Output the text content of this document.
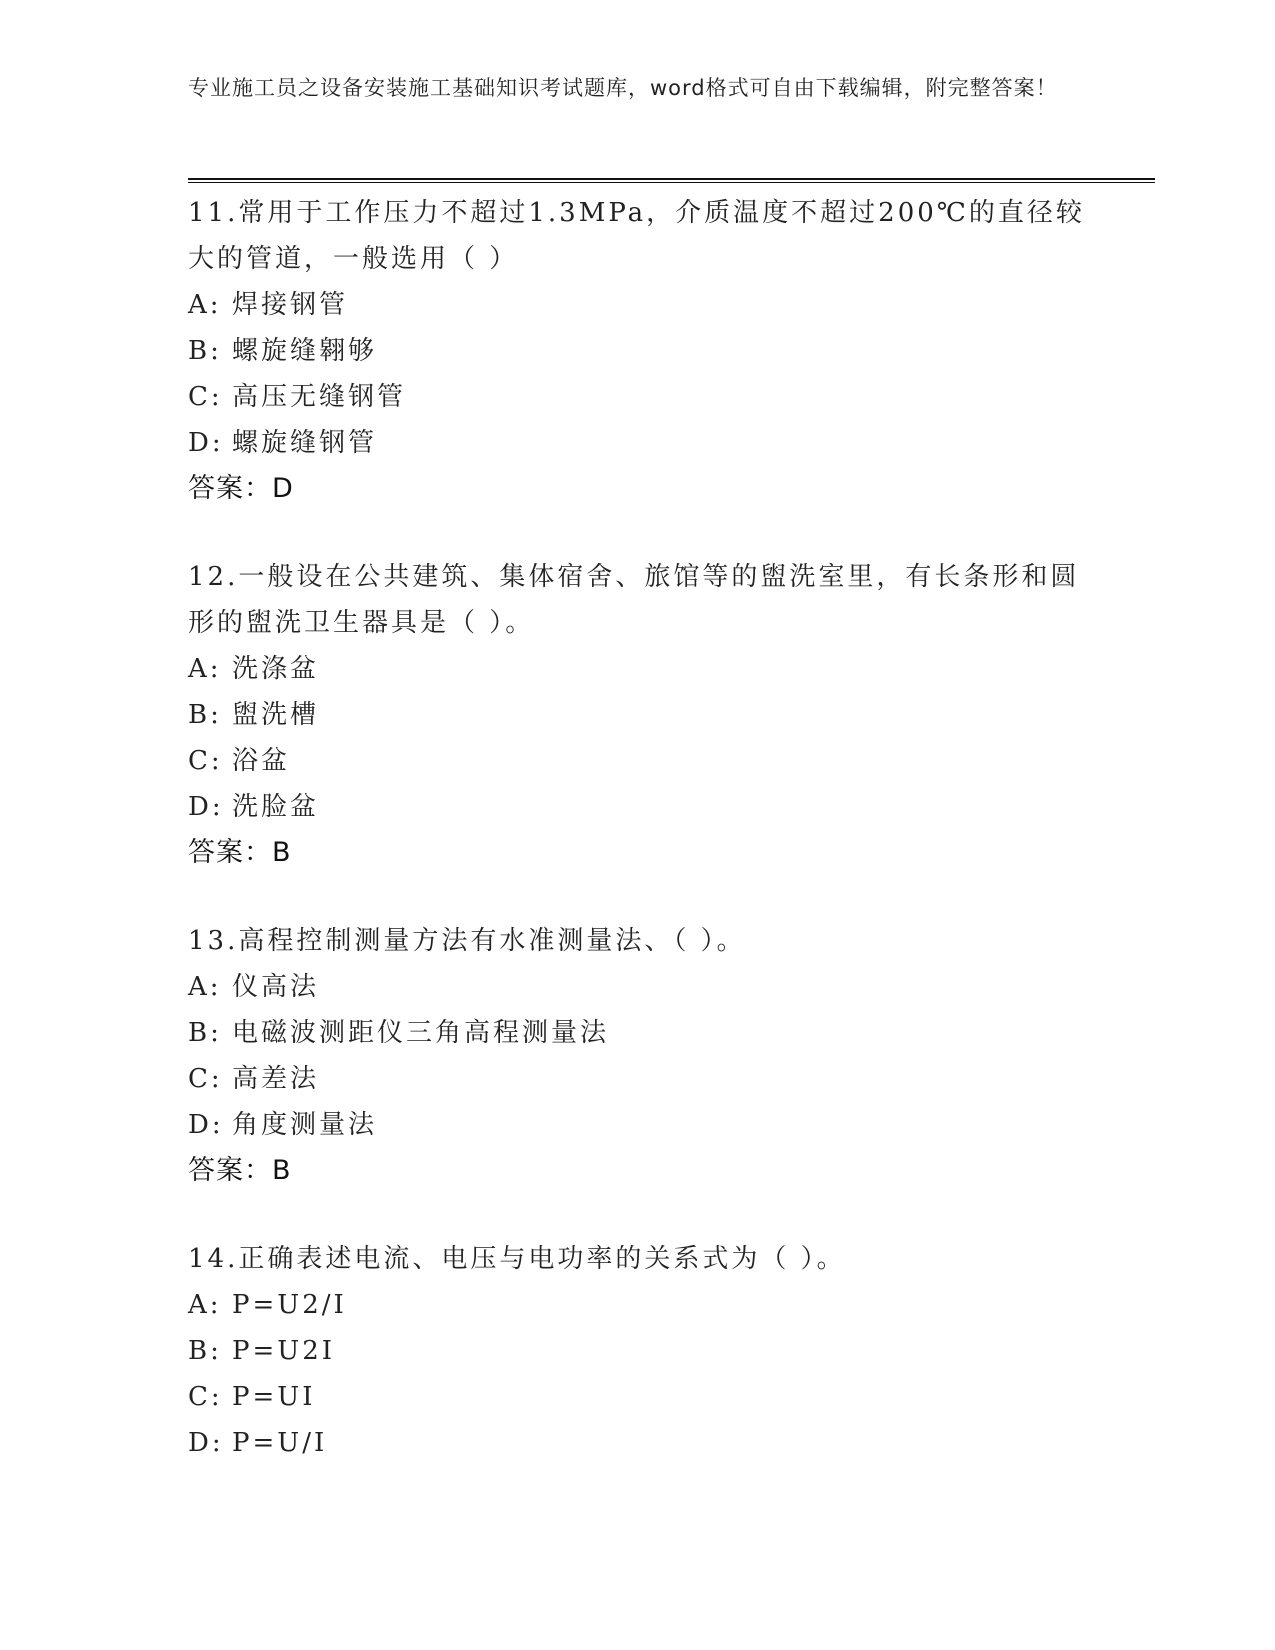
专业施工员之设备安装施工基础知识考试题库，word格式可自由下载编辑，附完整答案！

11.常用于工作压力不超过1.3MPa，介质温度不超过200℃的直径较大的管道，一般选用（ ）

A: 焊接钢管
B: 螺旋缝翱够
C: 高压无缝钢管
D: 螺旋缝钢管
答案：D

12.一般设在公共建筑、集体宿舍、旅馆等的盥洗室里，有长条形和圆形的盥洗卫生器具是（ ）。

A: 洗涤盆
B: 盥洗槽
C: 浴盆
D: 洗脸盆
答案：B

13.高程控制测量方法有水准测量法、（ ）。

A: 仪高法
B: 电磁波测距仪三角高程测量法
C: 高差法
D: 角度测量法
答案：B

14.正确表述电流、电压与电功率的关系式为（ ）。

A: P=U2/I
B: P=U2I
C: P=UI
D: P=U/I
